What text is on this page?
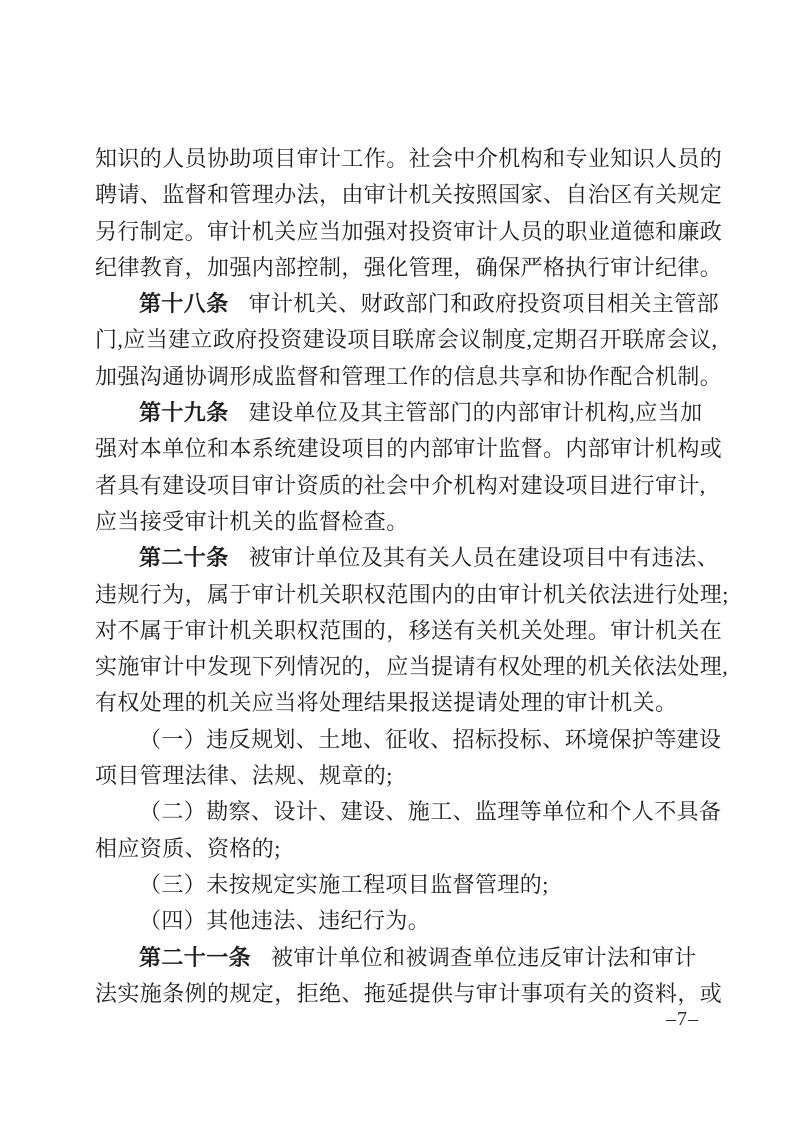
知识的人员协助项目审计工作。社会中介机构和专业知识人员的
聘请、监督和管理办法，由审计机关按照国家、自治区有关规定
另行制定。审计机关应当加强对投资审计人员的职业道德和廉政
纪律教育，加强内部控制，强化管理，确保严格执行审计纪律。
第十八条 审计机关、财政部门和政府投资项目相关主管部
门,应当建立政府投资建设项目联席会议制度,定期召开联席会议,
加强沟通协调形成监督和管理工作的信息共享和协作配合机制。
第十九条 建设单位及其主管部门的内部审计机构,应当加
强对本单位和本系统建设项目的内部审计监督。内部审计机构或
者具有建设项目审计资质的社会中介机构对建设项目进行审计,
应当接受审计机关的监督检查。
第二十条 被审计单位及其有关人员在建设项目中有违法、
违规行为，属于审计机关职权范围内的由审计机关依法进行处理;
对不属于审计机关职权范围的，移送有关机关处理。审计机关在
实施审计中发现下列情况的，应当提请有权处理的机关依法处理,
有权处理的机关应当将处理结果报送提请处理的审计机关。
（一）违反规划、土地、征收、招标投标、环境保护等建设
项目管理法律、法规、规章的;
（二）勘察、设计、建设、施工、监理等单位和个人不具备
相应资质、资格的;
（三）未按规定实施工程项目监督管理的;
（四）其他违法、违纪行为。
第二十一条 被审计单位和被调查单位违反审计法和审计
法实施条例的规定，拒绝、拖延提供与审计事项有关的资料，或
–7–
